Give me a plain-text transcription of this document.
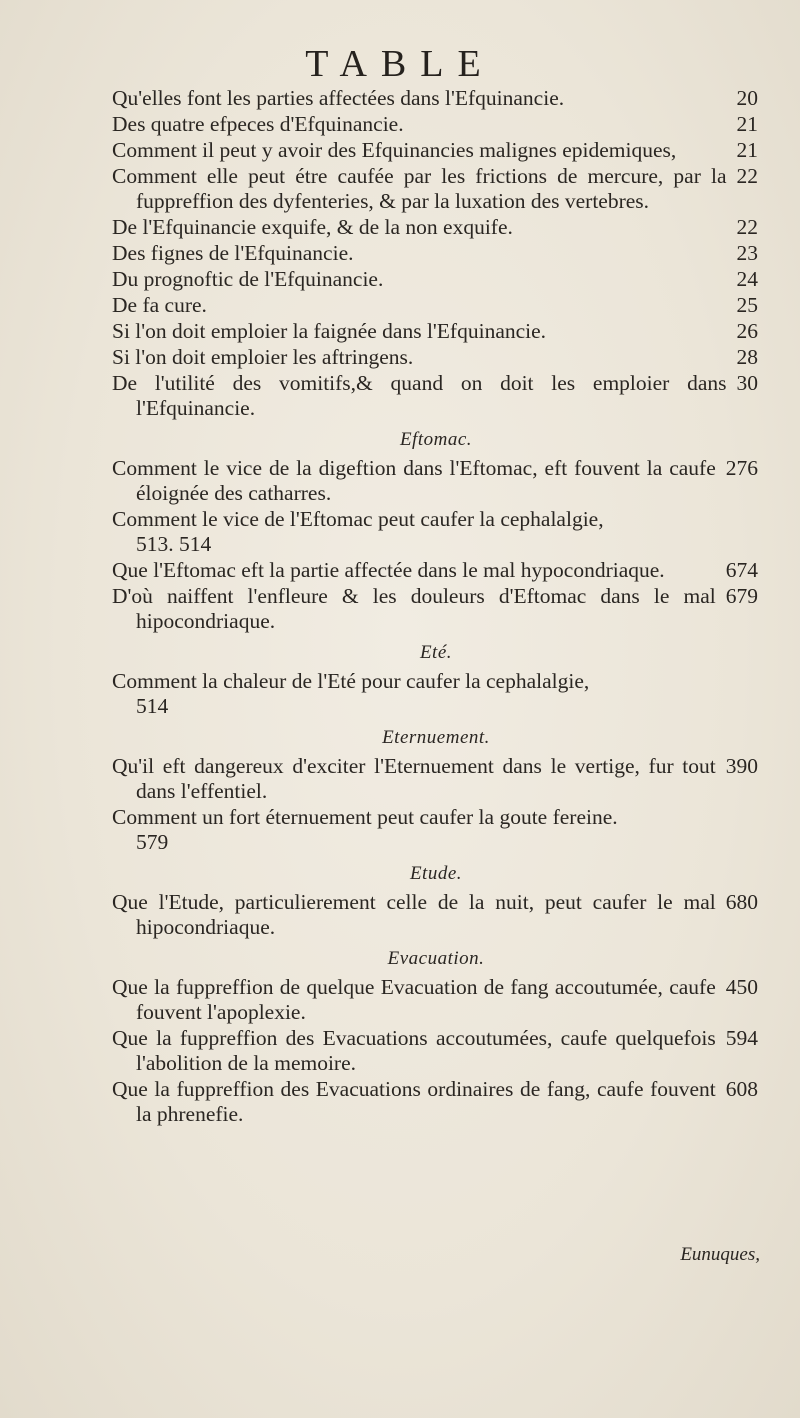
TABLE
20
Qu'elles font les parties affectées dans l'Efquinancie.
21
Des quatre efpeces d'Efquinancie.
21
Comment il peut y avoir des Efquinancies malignes epidemiques,
22
Comment elle peut étre caufée par les frictions de mercure, par la fuppreffion des dyfenteries, & par la luxation des vertebres.
22
De l'Efquinancie exquife, & de la non exquife.
23
Des fignes de l'Efquinancie.
24
Du prognoftic de l'Efquinancie.
25
De fa cure.
26
Si l'on doit emploier la faignée dans l'Efquinancie.
28
Si l'on doit emploier les aftringens.
30
De l'utilité des vomitifs,& quand on doit les emploier dans l'Efquinancie.
Eftomac.
276
Comment le vice de la digeftion dans l'Eftomac, eft fouvent la caufe éloignée des catharres.
Comment le vice de l'Eftomac peut caufer la cephalalgie,
513. 514
674
Que l'Eftomac eft la partie affectée dans le mal hypocondriaque.
679
D'où naiffent l'enfleure & les douleurs d'Eftomac dans le mal hipocondriaque.
Eté.
Comment la chaleur de l'Eté pour caufer la cephalalgie,
514
Eternuement.
390
Qu'il eft dangereux d'exciter l'Eternuement dans le vertige, fur tout dans l'effentiel.
Comment un fort éternuement peut caufer la goute fereine.
579
Etude.
680
Que l'Etude, particulierement celle de la nuit, peut caufer le mal hipocondriaque.
Evacuation.
450
Que la fuppreffion de quelque Evacuation de fang accoutumée, caufe fouvent l'apoplexie.
594
Que la fuppreffion des Evacuations accoutumées, caufe quelquefois l'abolition de la memoire.
608
Que la fuppreffion des Evacuations ordinaires de fang, caufe fouvent la phrenefie.
Eunuques,
